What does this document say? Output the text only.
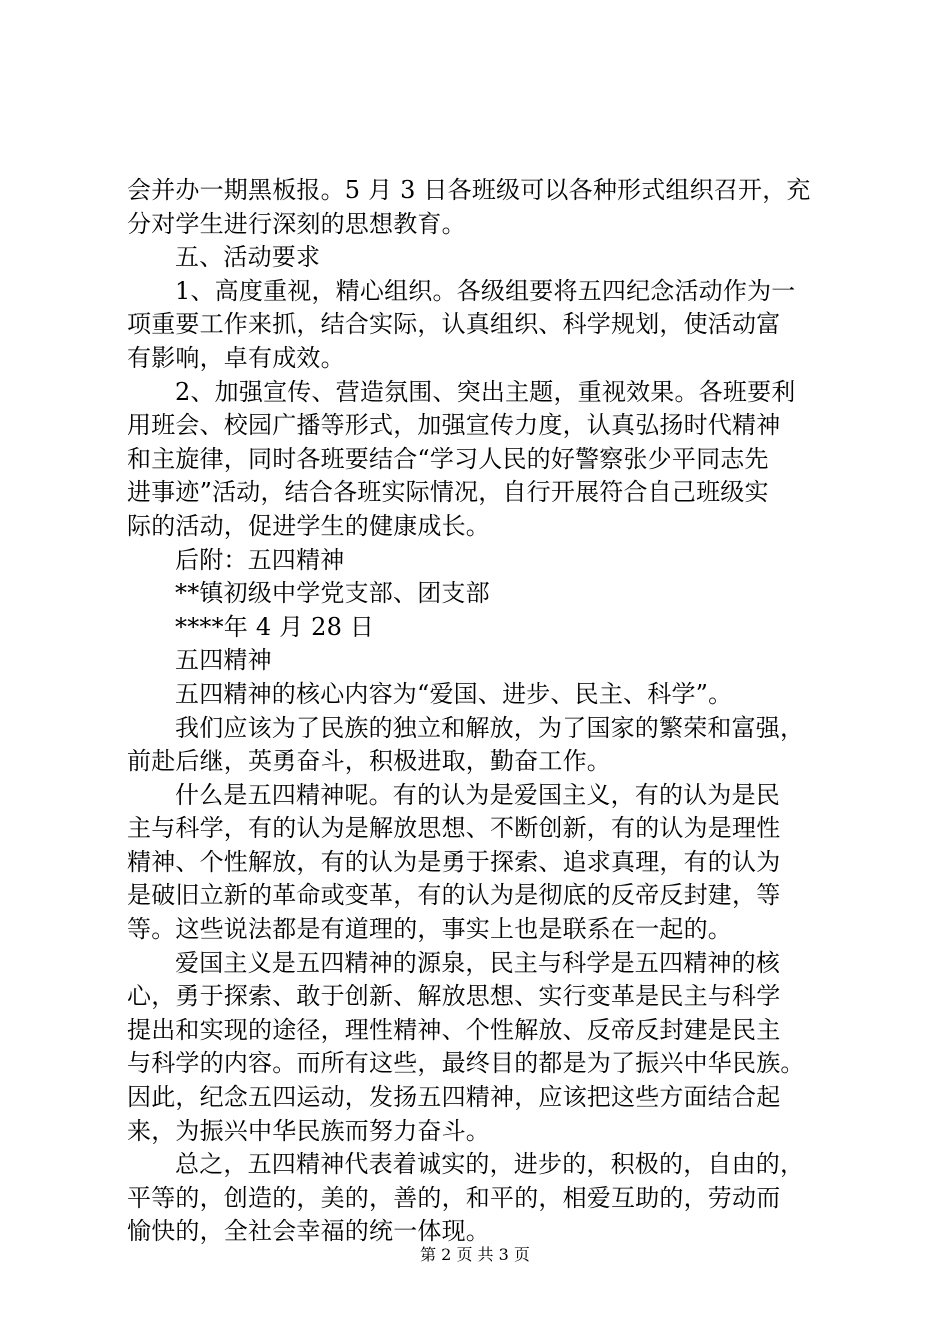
会并办一期黑板报。5 月 3 日各班级可以各种形式组织召开，充
分对学生进行深刻的思想教育。
五、活动要求
1、高度重视，精心组织。各级组要将五四纪念活动作为一
项重要工作来抓，结合实际，认真组织、科学规划，使活动富
有影响，卓有成效。
2、加强宣传、营造氛围、突出主题，重视效果。各班要利
用班会、校园广播等形式，加强宣传力度，认真弘扬时代精神
和主旋律，同时各班要结合“学习人民的好警察张少平同志先
进事迹”活动，结合各班实际情况，自行开展符合自己班级实
际的活动，促进学生的健康成长。
后附：五四精神
**镇初级中学党支部、团支部
****年 4 月 28 日
五四精神
五四精神的核心内容为“爱国、进步、民主、科学”。
我们应该为了民族的独立和解放，为了国家的繁荣和富强，
前赴后继，英勇奋斗，积极进取，勤奋工作。
什么是五四精神呢。有的认为是爱国主义，有的认为是民
主与科学，有的认为是解放思想、不断创新，有的认为是理性
精神、个性解放，有的认为是勇于探索、追求真理，有的认为
是破旧立新的革命或变革，有的认为是彻底的反帝反封建，等
等。这些说法都是有道理的，事实上也是联系在一起的。
爱国主义是五四精神的源泉，民主与科学是五四精神的核
心，勇于探索、敢于创新、解放思想、实行变革是民主与科学
提出和实现的途径，理性精神、个性解放、反帝反封建是民主
与科学的内容。而所有这些，最终目的都是为了振兴中华民族。
因此，纪念五四运动，发扬五四精神，应该把这些方面结合起
来，为振兴中华民族而努力奋斗。
总之，五四精神代表着诚实的，进步的，积极的，自由的，
平等的，创造的，美的，善的，和平的，相爱互助的，劳动而
愉快的，全社会幸福的统一体现。
第 2 页 共 3 页
